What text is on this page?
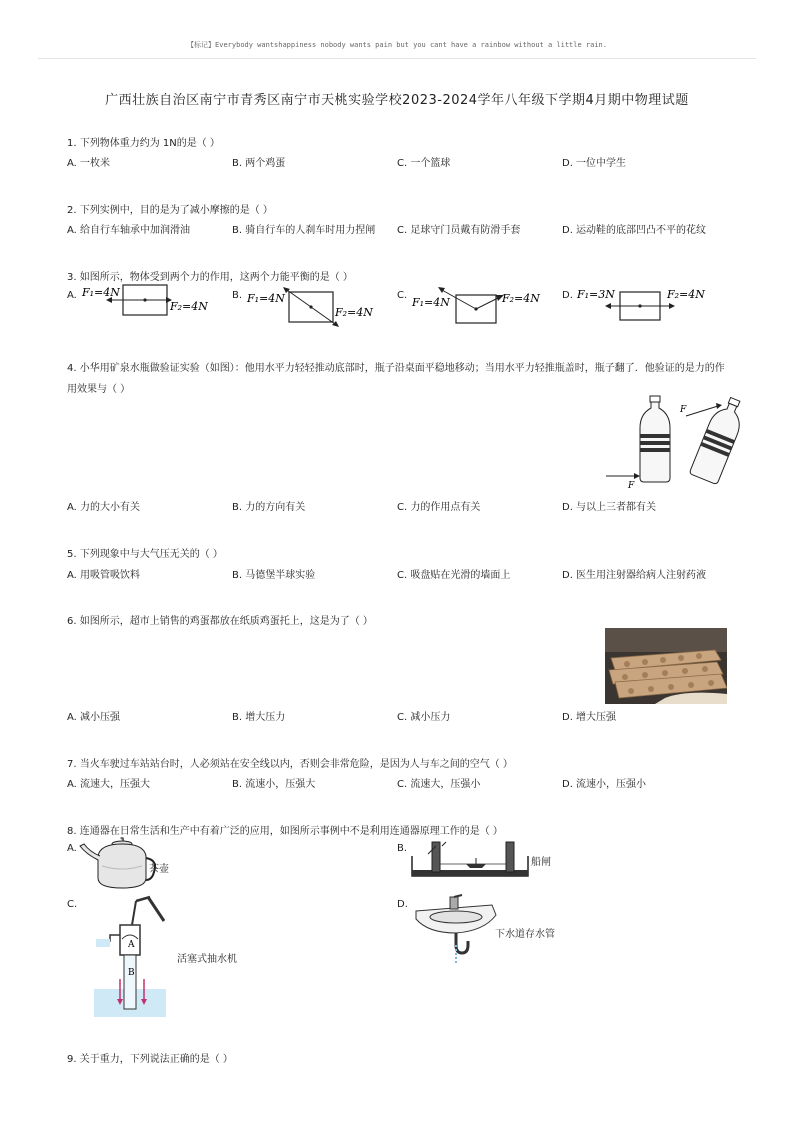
【标记】Everybody wantshappiness nobody wants pain but you cant have a rainbow without a little rain.
广西壮族自治区南宁市青秀区南宁市天桃实验学校2023-2024学年八年级下学期4月期中物理试题
1. 下列物体重力约为 1N的是（ ）
A. 一枚米	B. 两个鸡蛋	C. 一个篮球	D. 一位中学生
2. 下列实例中，目的是为了减小摩擦的是（ ）
A. 给自行车轴承中加润滑油	B. 骑自行车的人刹车时用力捏闸 C. 足球守门员戴有防滑手套	D. 运动鞋的底部凹凸不平的花纹
3. 如图所示，物体受到两个力的作用，这两个力能平衡的是（ ）
A. F₁=4N
F₂=4N
B. F₁=4N
F₂=4N
C.
F₁=4N	F₂=4N D. F₁=3N	F₂=4N
4. 小华用矿泉水瓶做验证实验（如图）：他用水平力轻轻推动底部时，瓶子沿桌面平稳地移动；当用水平力轻推瓶盖时，瓶子翻了．他验证的是力的作用效果与（ ）
F
F
A. 力的大小有关	B. 力的方向有关	C. 力的作用点有关	D. 与以上三者都有关
5. 下列现象中与大气压无关的（ ）
A. 用吸管吸饮料	B. 马德堡半球实验	C. 吸盘贴在光滑的墙面上	D. 医生用注射器给病人注射药液
6. 如图所示，超市上销售的鸡蛋都放在纸质鸡蛋托上，这是为了（ ）
A. 减小压强	B. 增大压力	C. 减小压力	D. 增大压强
7. 当火车驶过车站站台时，人必须站在安全线以内，否则会非常危险，是因为人与车之间的空气（ ）
A. 流速大，压强大	B. 流速小，压强大	C. 流速大，压强小	D. 流速小，压强小
8. 连通器在日常生活和生产中有着广泛的应用，如图所示事例中不是利用连通器原理工作的是（ ）
A.
茶壶
B.
船闸
C.
A
B
活塞式抽水机
D.
下水道存水管
9. 关于重力，下列说法正确的是（ ）
